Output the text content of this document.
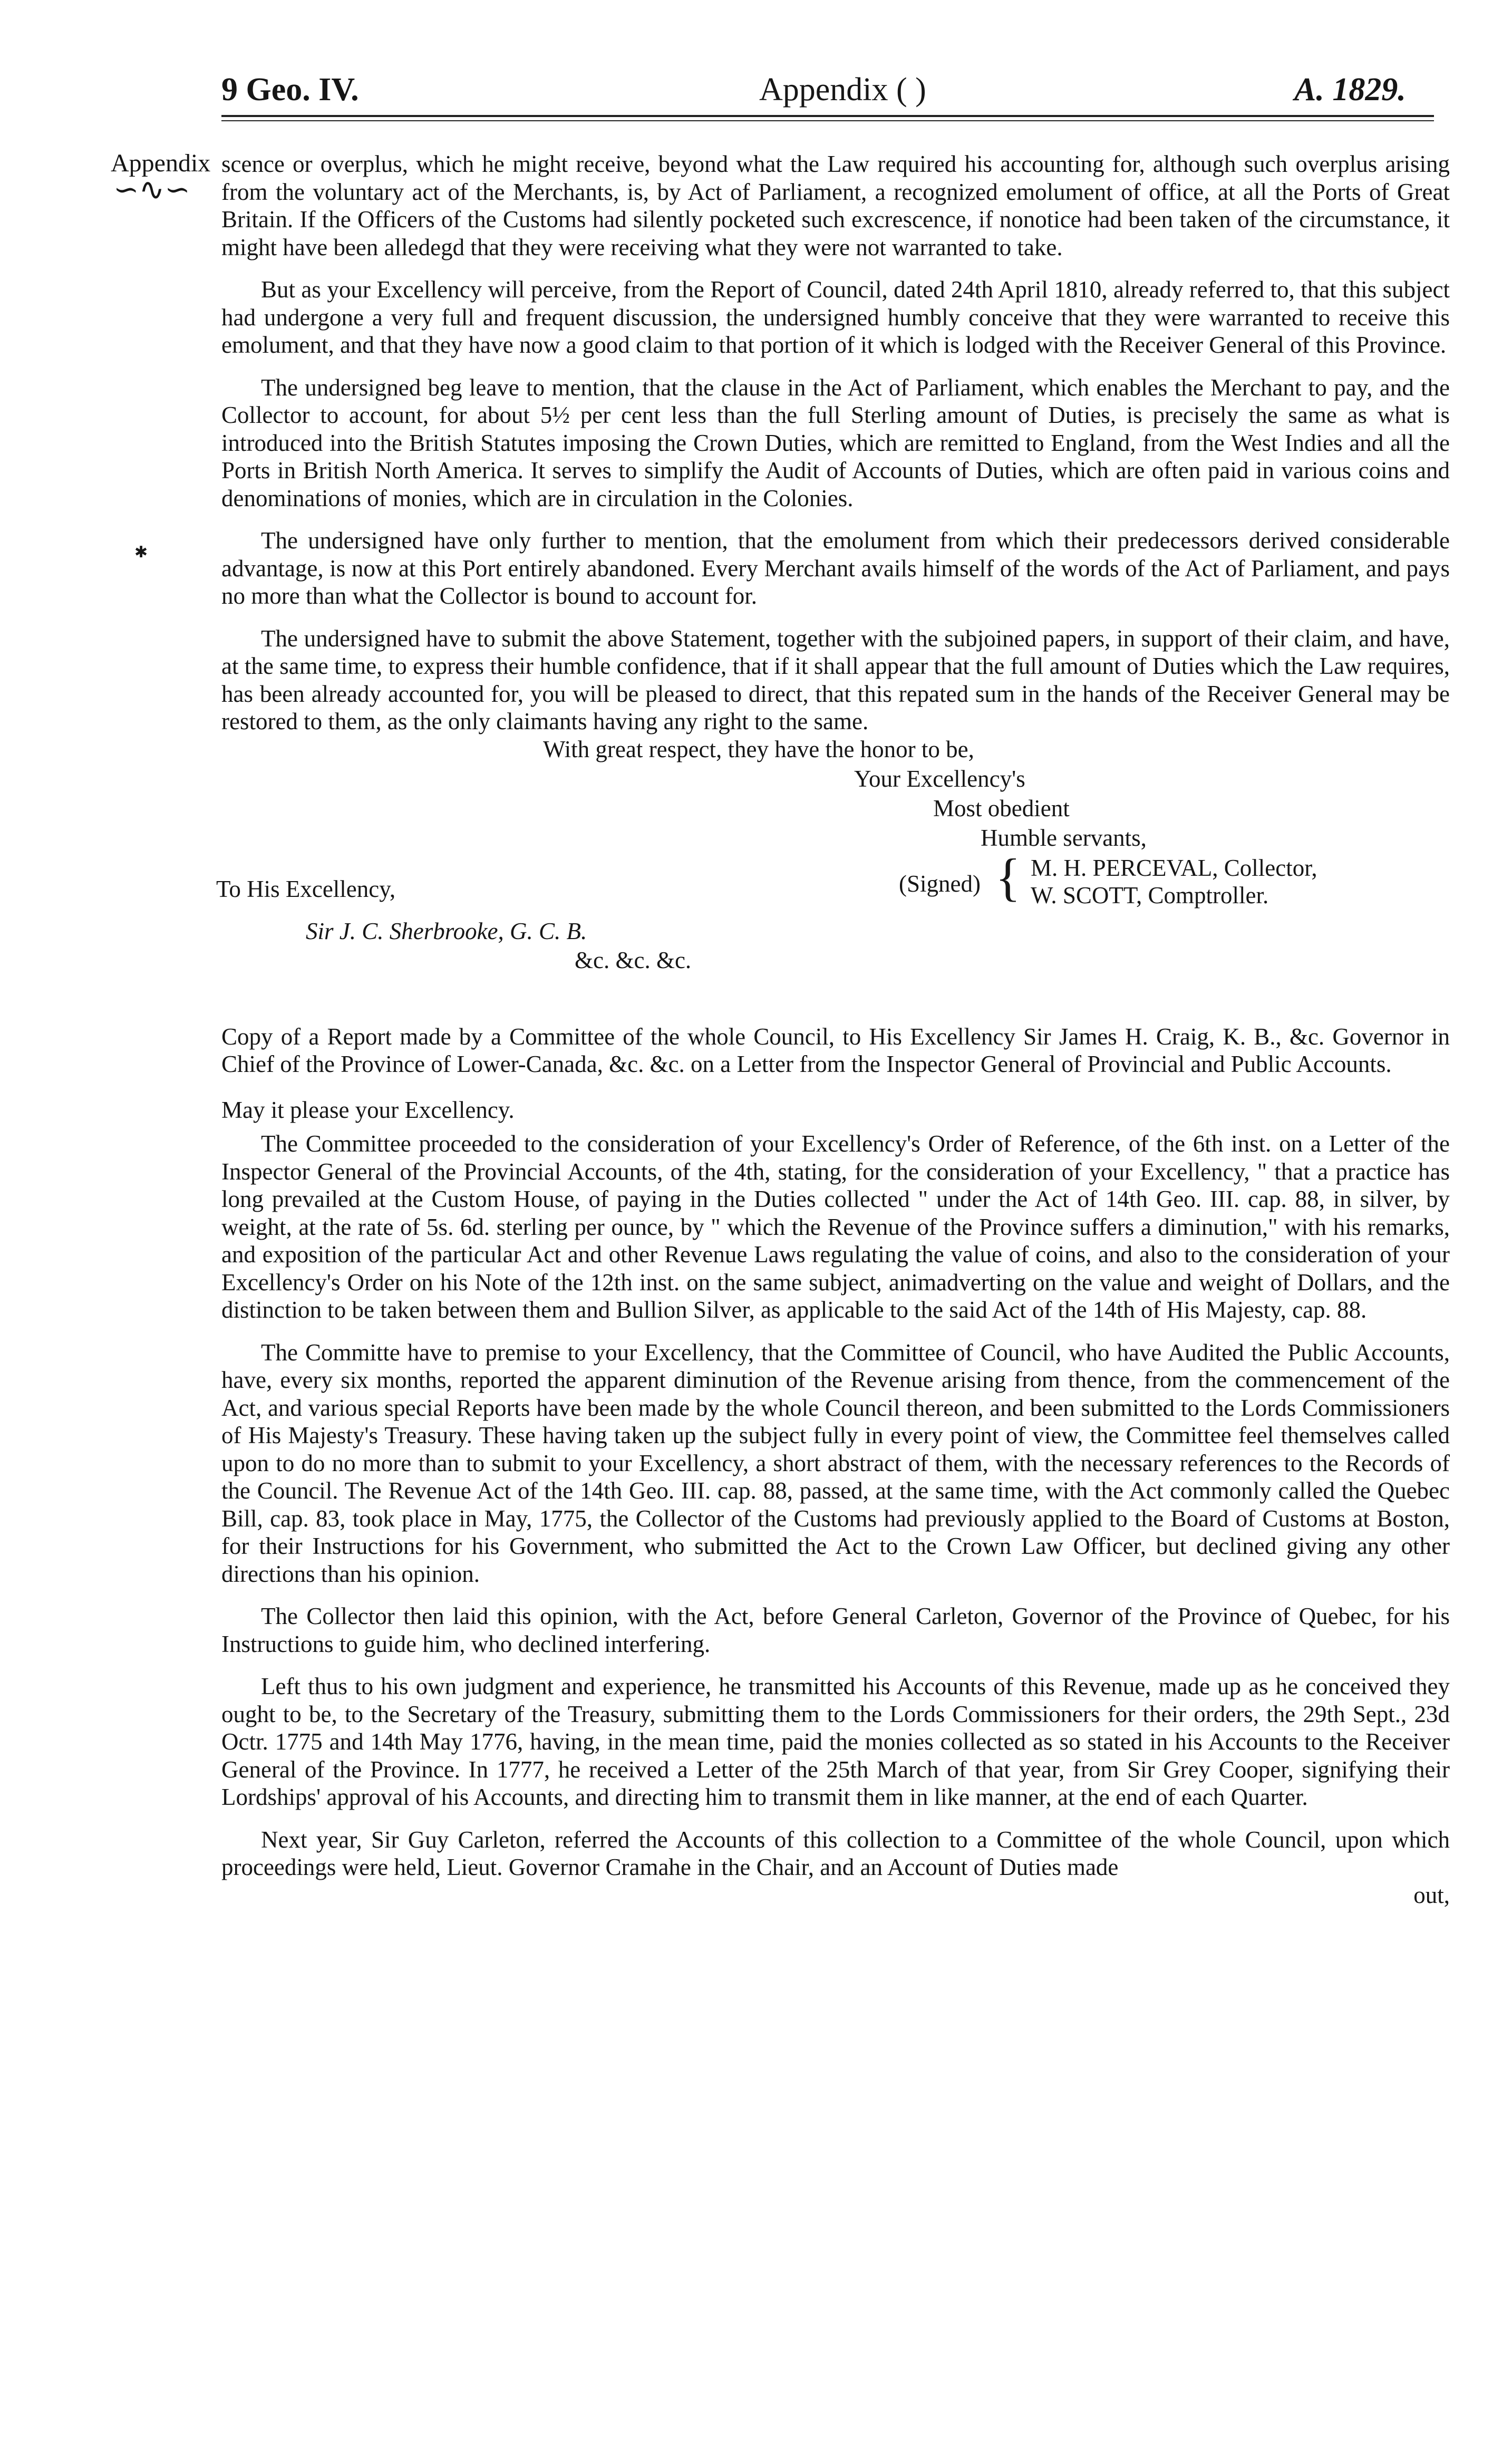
9 Geo. IV.	Appendix ( )	A. 1829.
Appendix
∽∿∽
✱

scence or overplus, which he might receive, beyond what the Law required his accounting for, although such overplus arising from the voluntary act of the Merchants, is, by Act of Parliament, a recognized emolument of office, at all the Ports of Great Britain. If the Officers of the Customs had silently pocketed such excrescence, if nonotice had been taken of the circumstance, it might have been alledegd that they were receiving what they were not warranted to take.

But as your Excellency will perceive, from the Report of Council, dated 24th April 1810, already referred to, that this subject had undergone a very full and frequent discussion, the undersigned humbly conceive that they were warranted to receive this emolument, and that they have now a good claim to that portion of it which is lodged with the Receiver General of this Province.

The undersigned beg leave to mention, that the clause in the Act of Parliament, which enables the Merchant to pay, and the Collector to account, for about 5½ per cent less than the full Sterling amount of Duties, is precisely the same as what is introduced into the British Statutes imposing the Crown Duties, which are remitted to England, from the West Indies and all the Ports in British North America. It serves to simplify the Audit of Accounts of Duties, which are often paid in various coins and denominations of monies, which are in circulation in the Colonies.

The undersigned have only further to mention, that the emolument from which their predecessors derived considerable advantage, is now at this Port entirely abandoned. Every Merchant avails himself of the words of the Act of Parliament, and pays no more than what the Collector is bound to account for.

The undersigned have to submit the above Statement, together with the subjoined papers, in support of their claim, and have, at the same time, to express their humble confidence, that if it shall appear that the full amount of Duties which the Law requires, has been already accounted for, you will be pleased to direct, that this repated sum in the hands of the Receiver General may be restored to them, as the only claimants having any right to the same.

With great respect, they have the honor to be,
Your Excellency's
Most obedient
Humble servants,
(Signed) { M. H. PERCEVAL, Collector,
W. SCOTT, Comptroller.
To His Excellency,
Sir J. C. Sherbrooke, G. C. B.
&c. &c. &c.

Copy of a Report made by a Committee of the whole Council, to His Excellency Sir James H. Craig, K. B., &c. Governor in Chief of the Province of Lower-Canada, &c. &c. on a Letter from the Inspector General of Provincial and Public Accounts.

May it please your Excellency.

The Committee proceeded to the consideration of your Excellency's Order of Reference, of the 6th inst. on a Letter of the Inspector General of the Provincial Accounts, of the 4th, stating, for the consideration of your Excellency, " that a practice has long prevailed at the Custom House, of paying in the Duties collected " under the Act of 14th Geo. III. cap. 88, in silver, by weight, at the rate of 5s. 6d. sterling per ounce, by " which the Revenue of the Province suffers a diminution," with his remarks, and exposition of the particular Act and other Revenue Laws regulating the value of coins, and also to the consideration of your Excellency's Order on his Note of the 12th inst. on the same subject, animadverting on the value and weight of Dollars, and the distinction to be taken between them and Bullion Silver, as applicable to the said Act of the 14th of His Majesty, cap. 88.

The Committe have to premise to your Excellency, that the Committee of Council, who have Audited the Public Accounts, have, every six months, reported the apparent diminution of the Revenue arising from thence, from the commencement of the Act, and various special Reports have been made by the whole Council thereon, and been submitted to the Lords Commissioners of His Majesty's Treasury. These having taken up the subject fully in every point of view, the Committee feel themselves called upon to do no more than to submit to your Excellency, a short abstract of them, with the necessary references to the Records of the Council. The Revenue Act of the 14th Geo. III. cap. 88, passed, at the same time, with the Act commonly called the Quebec Bill, cap. 83, took place in May, 1775, the Collector of the Customs had previously applied to the Board of Customs at Boston, for their Instructions for his Government, who submitted the Act to the Crown Law Officer, but declined giving any other directions than his opinion.

The Collector then laid this opinion, with the Act, before General Carleton, Governor of the Province of Quebec, for his Instructions to guide him, who declined interfering.

Left thus to his own judgment and experience, he transmitted his Accounts of this Revenue, made up as he conceived they ought to be, to the Secretary of the Treasury, submitting them to the Lords Commissioners for their orders, the 29th Sept., 23d Octr. 1775 and 14th May 1776, having, in the mean time, paid the monies collected as so stated in his Accounts to the Receiver General of the Province. In 1777, he received a Letter of the 25th March of that year, from Sir Grey Cooper, signifying their Lordships' approval of his Accounts, and directing him to transmit them in like manner, at the end of each Quarter.

Next year, Sir Guy Carleton, referred the Accounts of this collection to a Committee of the whole Council, upon which proceedings were held, Lieut. Governor Cramahe in the Chair, and an Account of Duties made

out,
